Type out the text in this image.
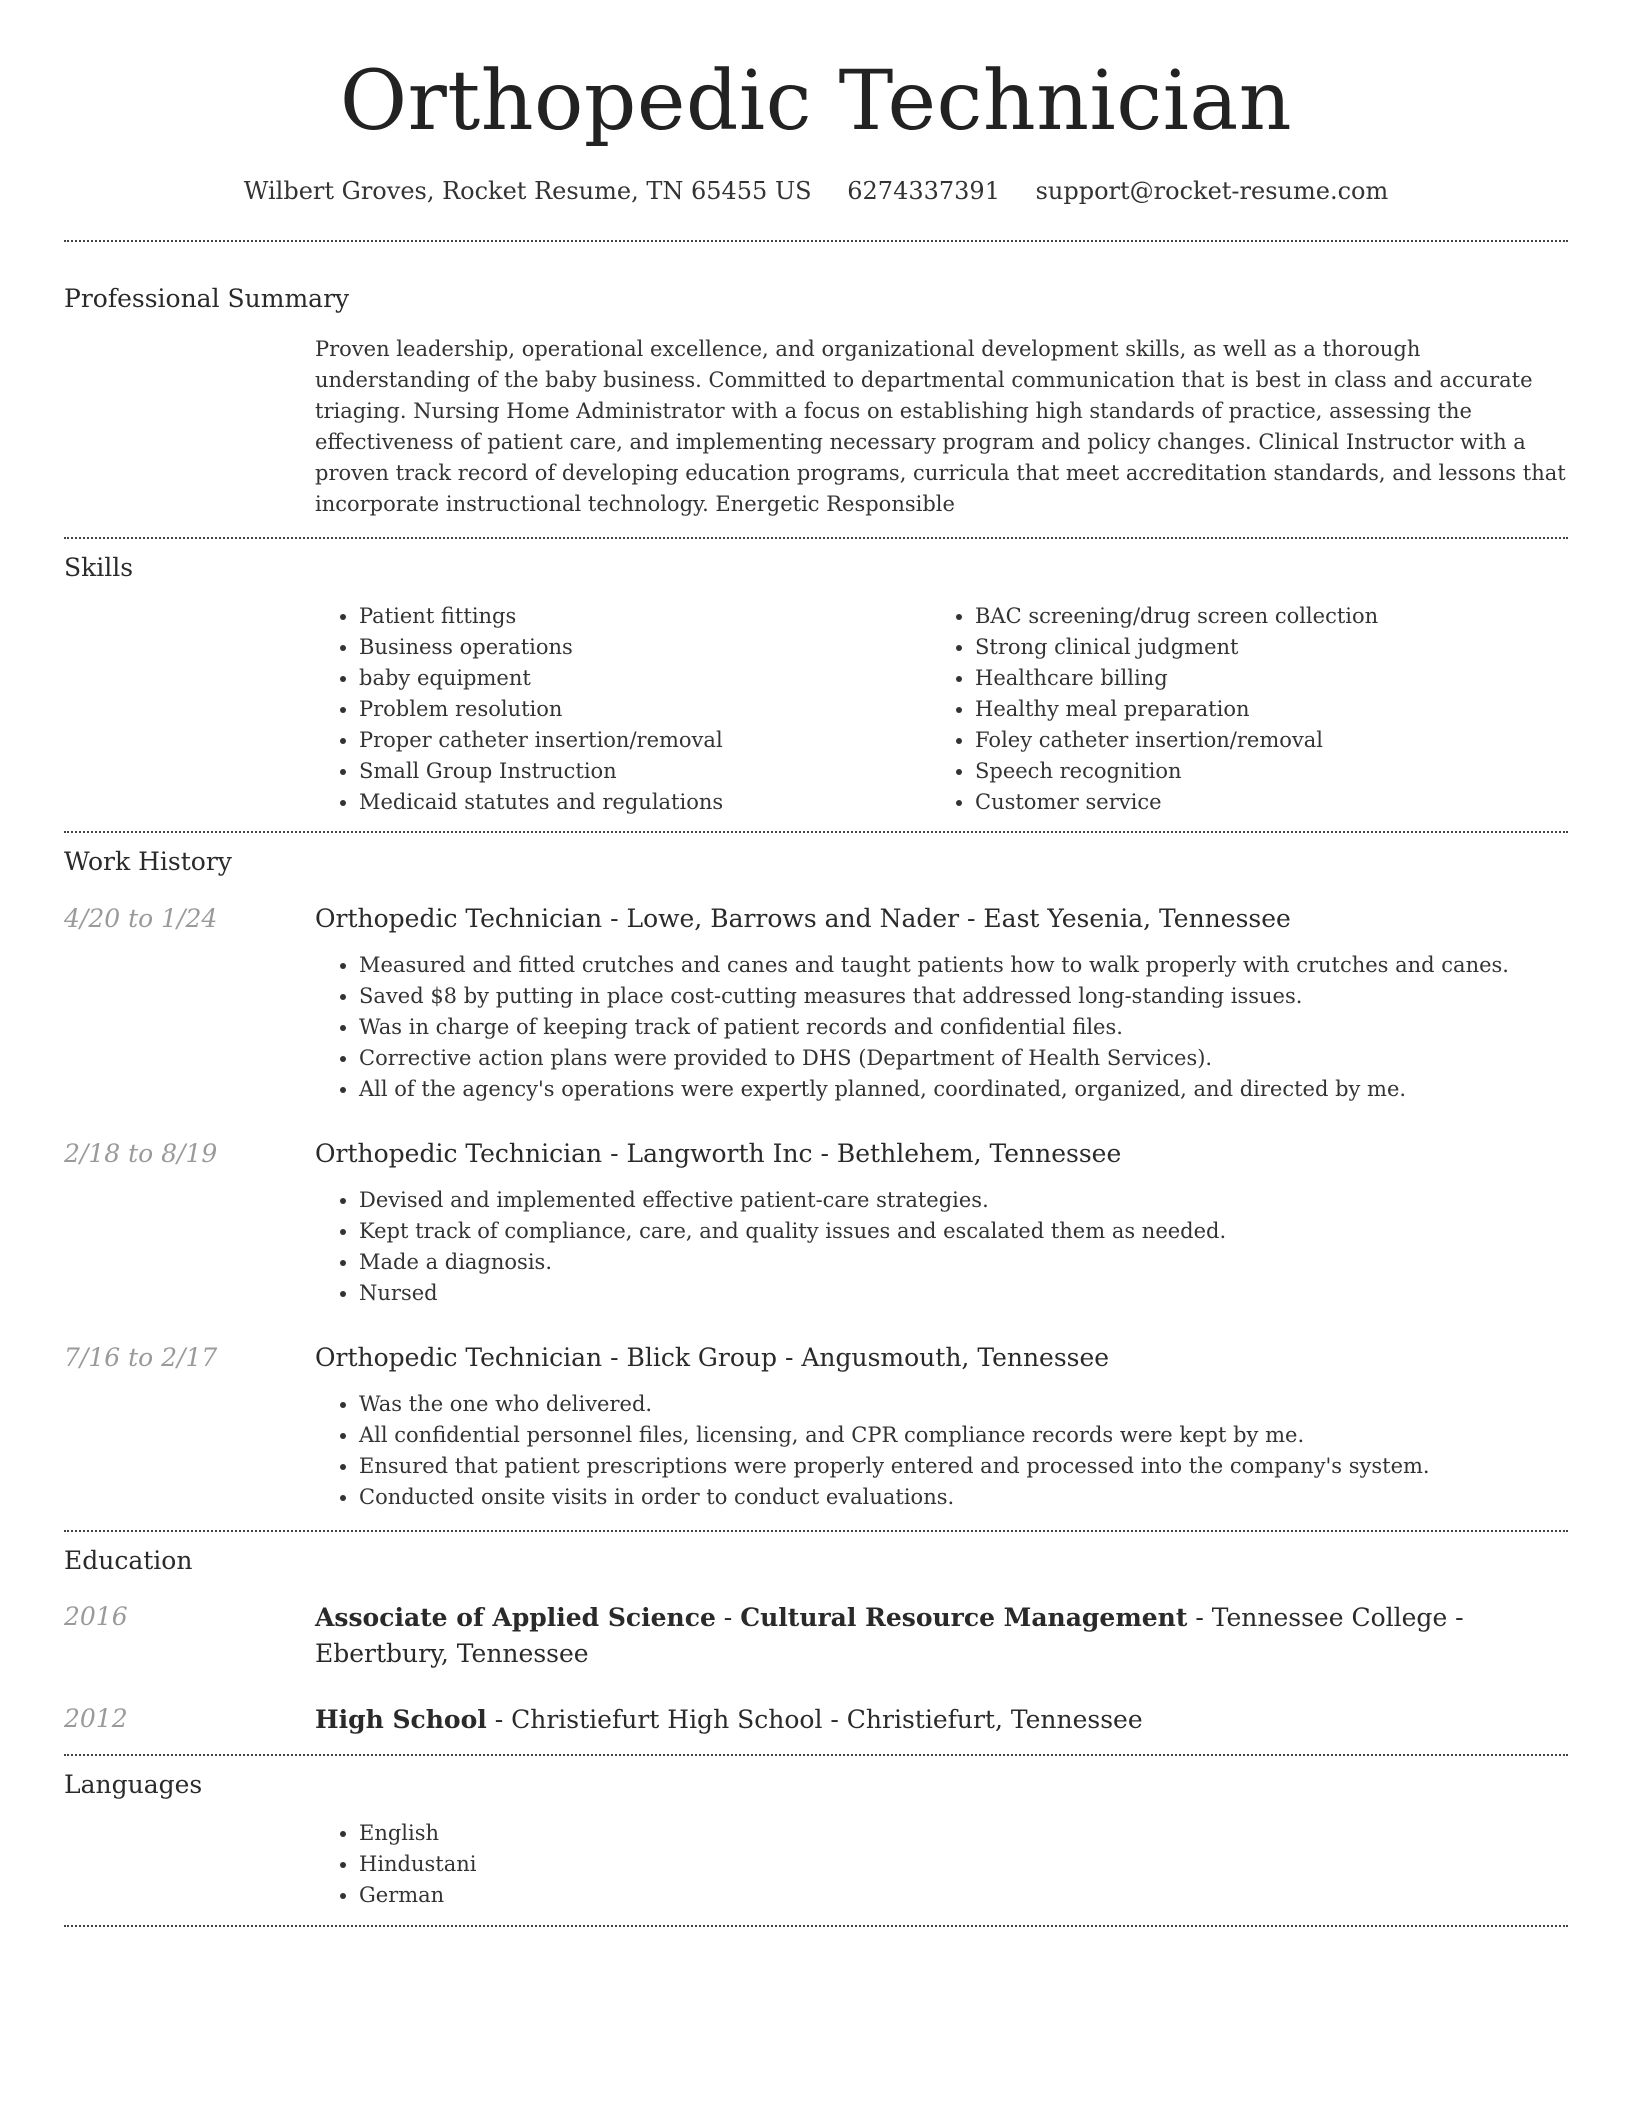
Orthopedic Technician
Wilbert Groves, Rocket Resume, TN 65455 US 6274337391 support@rocket-resume.com
Professional Summary

Proven leadership, operational excellence, and organizational development skills, as well as a thorough understanding of the baby business. Committed to departmental communication that is best in class and accurate triaging. Nursing Home Administrator with a focus on establishing high standards of practice, assessing the effectiveness of patient care, and implementing necessary program and policy changes. Clinical Instructor with a proven track record of developing education programs, curricula that meet accreditation standards, and lessons that incorporate instructional technology. Energetic Responsible

Skills
• Patient fittings
• Business operations
• baby equipment
• Problem resolution
• Proper catheter insertion/removal
• Small Group Instruction
• Medicaid statutes and regulations
• BAC screening/drug screen collection
• Strong clinical judgment
• Healthcare billing
• Healthy meal preparation
• Foley catheter insertion/removal
• Speech recognition
• Customer service
Work History
4/20 to 1/24	Orthopedic Technician - Lowe, Barrows and Nader - East Yesenia, Tennessee
• Measured and fitted crutches and canes and taught patients how to walk properly with crutches and canes.
• Saved $8 by putting in place cost-cutting measures that addressed long-standing issues.
• Was in charge of keeping track of patient records and confidential files.
• Corrective action plans were provided to DHS (Department of Health Services).
• All of the agency's operations were expertly planned, coordinated, organized, and directed by me.
2/18 to 8/19	Orthopedic Technician - Langworth Inc - Bethlehem, Tennessee
• Devised and implemented effective patient-care strategies.
• Kept track of compliance, care, and quality issues and escalated them as needed.
• Made a diagnosis.
• Nursed
7/16 to 2/17	Orthopedic Technician - Blick Group - Angusmouth, Tennessee
• Was the one who delivered.
• All confidential personnel files, licensing, and CPR compliance records were kept by me.
• Ensured that patient prescriptions were properly entered and processed into the company's system.
• Conducted onsite visits in order to conduct evaluations.
Education
2016	Associate of Applied Science - Cultural Resource Management - Tennessee College - Ebertbury, Tennessee
2012	High School - Christiefurt High School - Christiefurt, Tennessee
Languages
• English
• Hindustani
• German
